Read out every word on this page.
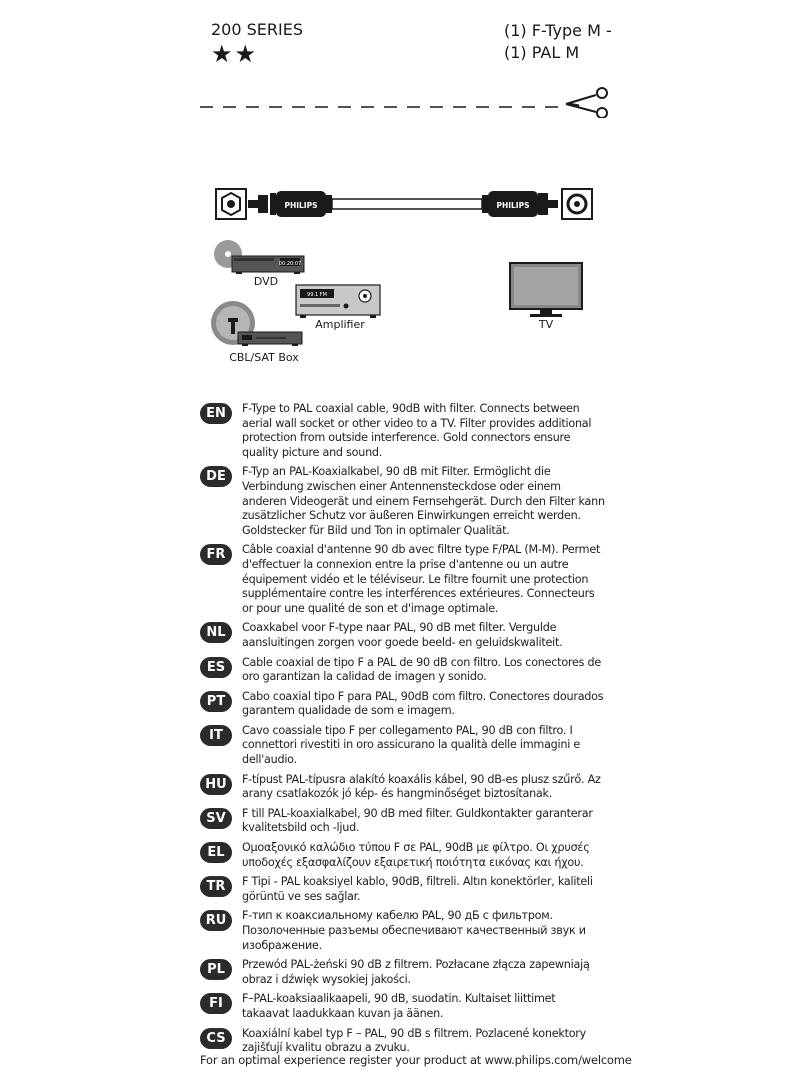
200 SERIES
★★
(1) F-Type M -
(1) PAL M
PHILIPS	PHILIPS
00:20:07
DVD
99.1 FM
Amplifier
CBL/SAT Box
TV
EN	F-Type to PAL coaxial cable, 90dB with filter. Connects between aerial wall socket or other video to a TV. Filter provides additional protection from outside interference. Gold connectors ensure quality picture and sound.
DE	F-Typ an PAL-Koaxialkabel, 90 dB mit Filter. Ermöglicht die Verbindung zwischen einer Antennensteckdose oder einem anderen Videogerät und einem Fernsehgerät. Durch den Filter kann zusätzlicher Schutz vor äußeren Einwirkungen erreicht werden. Goldstecker für Bild und Ton in optimaler Qualität.
FR	Câble coaxial d'antenne 90 db avec filtre type F/PAL (M-M). Permet d'effectuer la connexion entre la prise d'antenne ou un autre équipement vidéo et le téléviseur. Le filtre fournit une protection supplémentaire contre les interférences extérieures. Connecteurs or pour une qualité de son et d'image optimale.
NL	Coaxkabel voor F-type naar PAL, 90 dB met filter. Vergulde aansluitingen zorgen voor goede beeld- en geluidskwaliteit.
ES	Cable coaxial de tipo F a PAL de 90 dB con filtro. Los conectores de oro garantizan la calidad de imagen y sonido.
PT	Cabo coaxial tipo F para PAL, 90dB com filtro. Conectores dourados garantem qualidade de som e imagem.
IT	Cavo coassiale tipo F per collegamento PAL, 90 dB con filtro. I connettori rivestiti in oro assicurano la qualità delle immagini e dell'audio.
HU	F-típust PAL-típusra alakító koaxális kábel, 90 dB-es plusz szűrő. Az arany csatlakozók jó kép- és hangminőséget biztosítanak.
SV	F till PAL-koaxialkabel, 90 dB med filter. Guldkontakter garanterar kvalitetsbild och -ljud.
EL	Ομοαξονικό καλώδιο τύπου F σε PAL, 90dB με φίλτρο. Οι χρυσές υποδοχές εξασφαλίζουν εξαιρετική ποιότητα εικόνας και ήχου.
TR	F Tipi - PAL koaksiyel kablo, 90dB, filtreli. Altın konektörler, kaliteli görüntü ve ses sağlar.
RU	F-тип к коаксиальному кабелю PAL, 90 дБ с фильтром. Позолоченные разъемы обеспечивают качественный звук и изображение.
PL	Przewód PAL-żeński 90 dB z filtrem. Pozłacane złącza zapewniają obraz i dźwięk wysokiej jakości.
FI	F–PAL-koaksiaalikaapeli, 90 dB, suodatin. Kultaiset liittimet takaavat laadukkaan kuvan ja äänen.
CS	Koaxiální kabel typ F – PAL, 90 dB s filtrem. Pozlacené konektory zajišťují kvalitu obrazu a zvuku.
For an optimal experience register your product at www.philips.com/welcome
